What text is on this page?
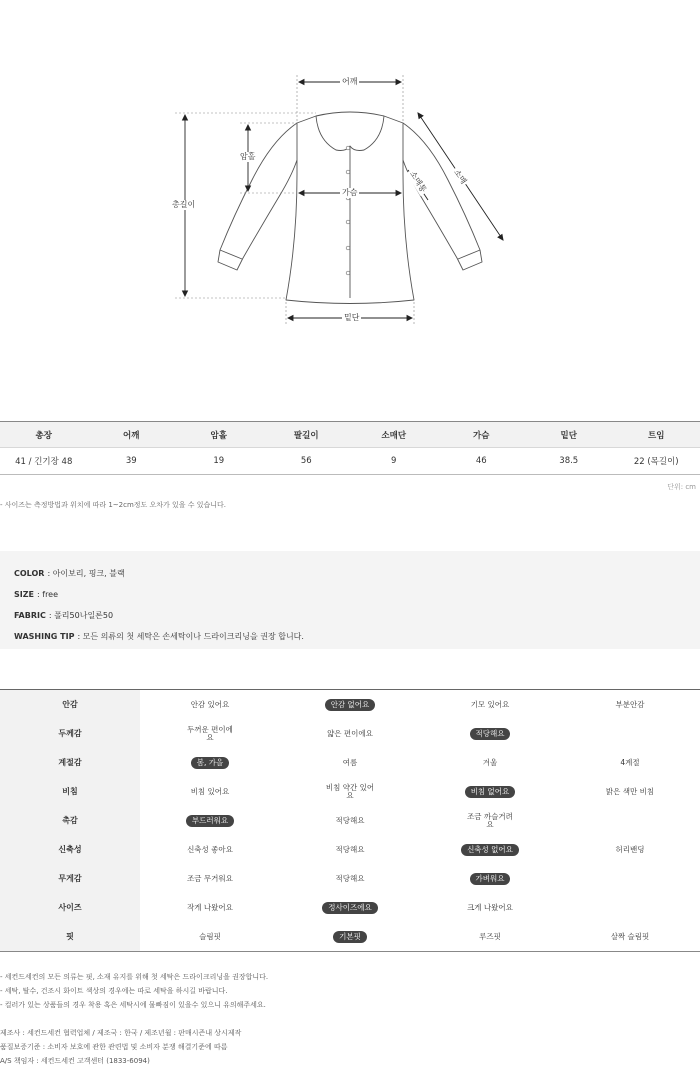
어깨
암홀
총길이
가슴	소매통	소매
밑단
총장	어깨	암홀	팔길이	소매단	가슴	밑단	트임
41 / 긴기장 48	39	19	56	9	46	38.5	22 (목길이)
단위: cm
- 사이즈는 측정방법과 위치에 따라 1~2cm정도 오차가 있을 수 있습니다.
COLOR : 아이보리, 핑크, 블랙
SIZE : free
FABRIC : 폴리50나일론50
WASHING TIP : 모든 의류의 첫 세탁은 손세탁이나 드라이크리닝을 권장 합니다.
안감	안감 있어요	안감 없어요	기모 있어요	부분안감
두께감	두꺼운 편이에요	얇은 편이에요	적당해요
계절감	봄, 가을	여름	겨울	4계절
비침	비침 있어요	비침 약간 있어요	비침 없어요	밝은 색만 비침
촉감	부드러워요	적당해요	조금 까슬거려요
신축성	신축성 좋아요	적당해요	신축성 없어요	허리밴딩
무게감	조금 무거워요	적당해요	가벼워요
사이즈	작게 나왔어요	정사이즈에요	크게 나왔어요
핏	슬림핏	기본핏	루즈핏	살짝 슬림핏
- 세컨드세컨의 모든 의류는 핏, 소재 유지를 위해 첫 세탁은 드라이크리닝을 권장합니다.
- 세탁, 탈수, 건조시 화이트 색상의 경우에는 따로 세탁을 하시길 바랍니다.
- 컬러가 있는 상품들의 경우 착용 혹은 세탁시에 물빠짐이 있을수 있으니 유의해주세요.
제조사 : 세컨드세컨 협력업체 / 제조국 : 한국 / 제조년월 : 판매시즌내 상시제작
품질보증기준 : 소비자 보호에 관한 관련법 및 소비자 분쟁 해결기준에 따름
A/S 책임자 : 세컨드세컨 고객센터 (1833-6094)
